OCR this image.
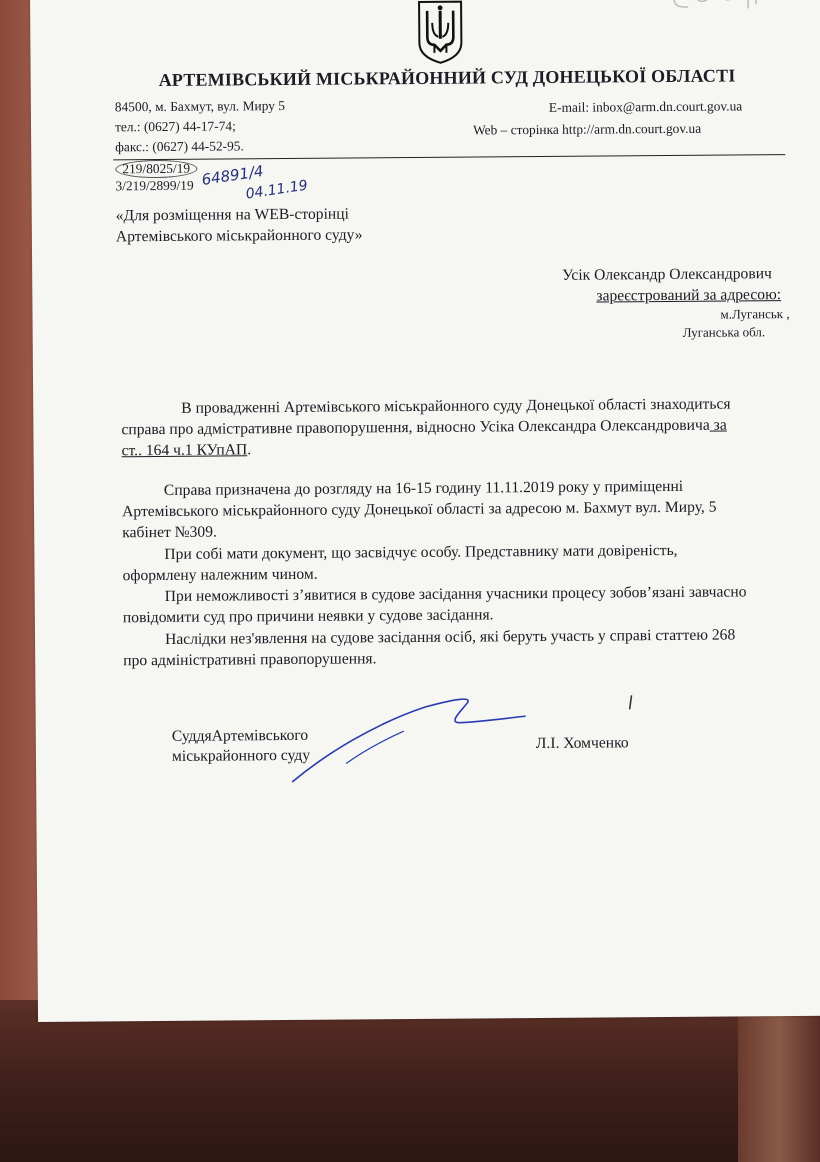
АРТЕМІВСЬКИЙ МІСЬКРАЙОННИЙ СУД ДОНЕЦЬКОЇ ОБЛАСТІ
84500, м. Бахмут, вул. Миру 5
тел.: (0627) 44-17-74;
факс.: (0627) 44-52-95.
E-mail: inbox@arm.dn.court.gov.ua
Web – сторінка http://arm.dn.court.gov.ua
219/8025/19
3/219/2899/19 64891/4
04.11.19
«Для розміщення на WEB-сторінці
Артемівського міськрайонного суду»
Усік Олександр Олександрович
зареєстрований за адресою:
м.Луганськ ,
Луганська обл.
В провадженні Артемівського міськрайонного суду Донецької області знаходиться
справа про адмістративне правопорушення, відносно Усіка Олександра Олександровича за
ст.. 164 ч.1 КУпАП.
Справа призначена до розгляду на 16-15 годину 11.11.2019 року у приміщенні
Артемівського міськрайонного суду Донецької області за адресою м. Бахмут вул. Миру, 5
кабінет №309.
При собі мати документ, що засвідчує особу. Представнику мати довіреність,
оформлену належним чином.
При неможливості з’явитися в судове засідання учасники процесу зобов’язані завчасно
повідомити суд про причини неявки у судове засідання.
Наслідки нез'явлення на судове засідання осіб, які беруть участь у справі статтею 268
про адміністративні правопорушення.
СуддяАртемівського
міськрайонного суду
Л.І. Хомченко
